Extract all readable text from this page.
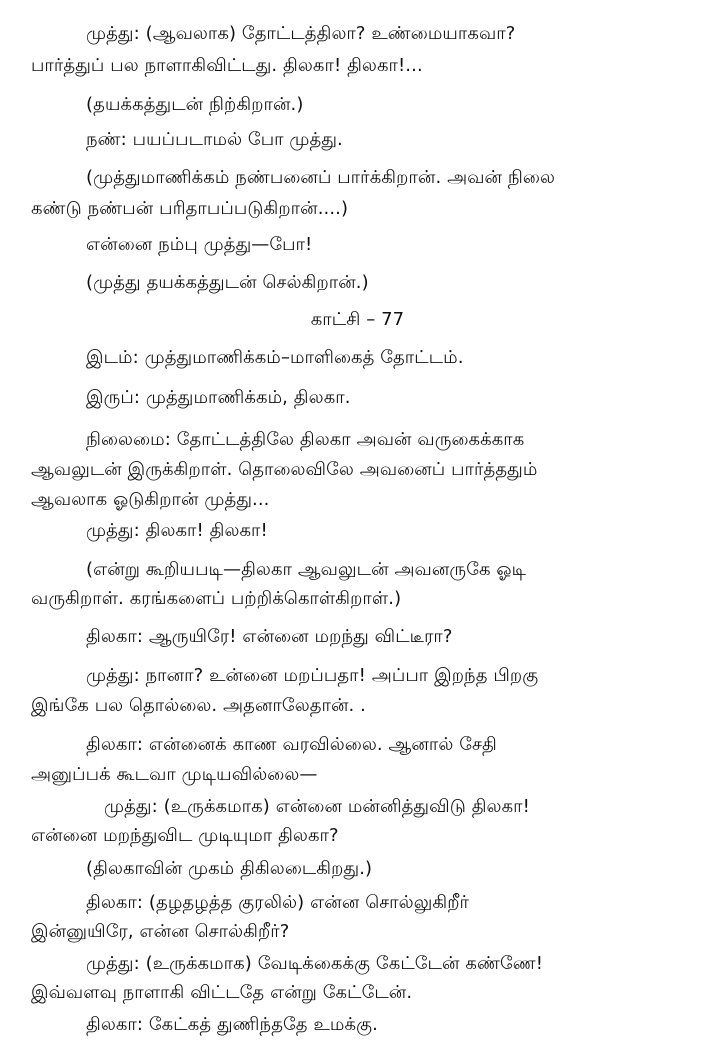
முத்து: (ஆவலாக) தோட்டத்திலா? உண்மையாகவா?
பார்த்துப் பல நாளாகிவிட்டது. திலகா! திலகா!...
(தயக்கத்துடன் நிற்கிறான்.)
நண்: பயப்படாமல் போ முத்து.
(முத்துமாணிக்கம் நண்பனைப் பார்க்கிறான். அவன் நிலை
கண்டு நண்பன் பரிதாபப்படுகிறான்....)
என்னை நம்பு முத்து—போ!
(முத்து தயக்கத்துடன் செல்கிறான்.)
காட்சி – 77
இடம்: முத்துமாணிக்கம்–மாளிகைத் தோட்டம்.
இருப்: முத்துமாணிக்கம், திலகா.
நிலைமை: தோட்டத்திலே திலகா அவன் வருகைக்காக
ஆவலுடன் இருக்கிறாள். தொலைவிலே அவனைப் பார்த்ததும்
ஆவலாக ஓடுகிறான் முத்து...
முத்து: திலகா! திலகா!
(என்று கூறியபடி—திலகா ஆவலுடன் அவனருகே ஓடி
வருகிறாள். கரங்களைப் பற்றிக்கொள்கிறாள்.)
திலகா: ஆருயிரே! என்னை மறந்து விட்டீரா?
முத்து: நானா? உன்னை மறப்பதா! அப்பா இறந்த பிறகு
இங்கே பல தொல்லை. அதனாலேதான். .
திலகா: என்னைக் காண வரவில்லை. ஆனால் சேதி
அனுப்பக் கூடவா முடியவில்லை—
முத்து: (உருக்கமாக) என்னை மன்னித்துவிடு திலகா!
என்னை மறந்துவிட முடியுமா திலகா?
(திலகாவின் முகம் திகிலடைகிறது.)
திலகா: (தழதழத்த குரலில்) என்ன சொல்லுகிறீர்
இன்னுயிரே, என்ன சொல்கிறீர்?
முத்து: (உருக்கமாக) வேடிக்கைக்கு கேட்டேன் கண்ணே!
இவ்வளவு நாளாகி விட்டதே என்று கேட்டேன்.
திலகா: கேட்கத் துணிந்ததே உமக்கு.
